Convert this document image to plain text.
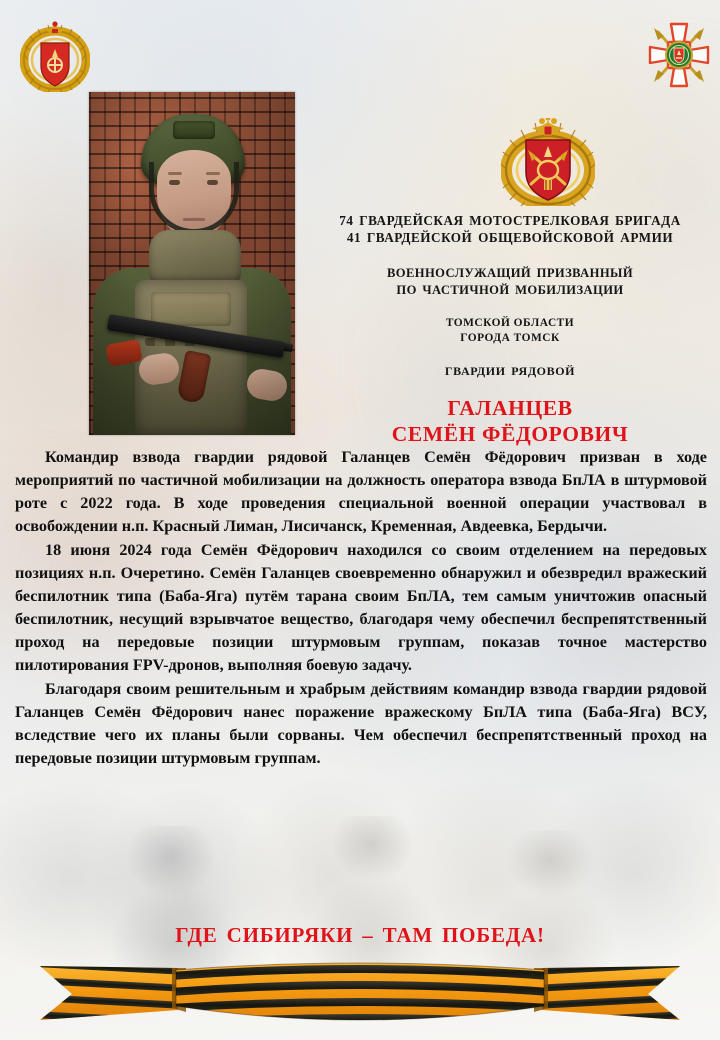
74 ГВАРДЕЙСКАЯ МОТОСТРЕЛКОВАЯ БРИГАДА
41 ГВАРДЕЙСКОЙ ОБЩЕВОЙСКОВОЙ АРМИИ
ВОЕННОСЛУЖАЩИЙ ПРИЗВАННЫЙ
ПО ЧАСТИЧНОЙ МОБИЛИЗАЦИИ
ТОМСКОЙ ОБЛАСТИ
ГОРОДА ТОМСК
ГВАРДИИ РЯДОВОЙ
ГАЛАНЦЕВ
СЕМЁН ФЁДОРОВИЧ

Командир взвода гвардии рядовой Галанцев Семён Фёдорович призван в ходе мероприятий по частичной мобилизации на должность оператора взвода БпЛА в штурмовой роте с 2022 года. В ходе проведения специальной военной операции участвовал в освобождении н.п. Красный Лиман, Лисичанск, Кременная, Авдеевка, Бердычи.

18 июня 2024 года Семён Фёдорович находился со своим отделением на передовых позициях н.п. Очеретино. Семён Галанцев своевременно обнаружил и обезвредил вражеский беспилотник типа (Баба-Яга) путём тарана своим БпЛА, тем самым уничтожив опасный беспилотник, несущий взрывчатое вещество, благодаря чему обеспечил беспрепятственный проход на передовые позиции штурмовым группам, показав точное мастерство пилотирования FPV-дронов, выполняя боевую задачу.

Благодаря своим решительным и храбрым действиям командир взвода гвардии рядовой Галанцев Семён Фёдорович нанес поражение вражескому БпЛА типа (Баба-Яга) ВСУ, вследствие чего их планы были сорваны. Чем обеспечил беспрепятственный проход на передовые позиции штурмовым группам.

ГДЕ СИБИРЯКИ – ТАМ ПОБЕДА!
